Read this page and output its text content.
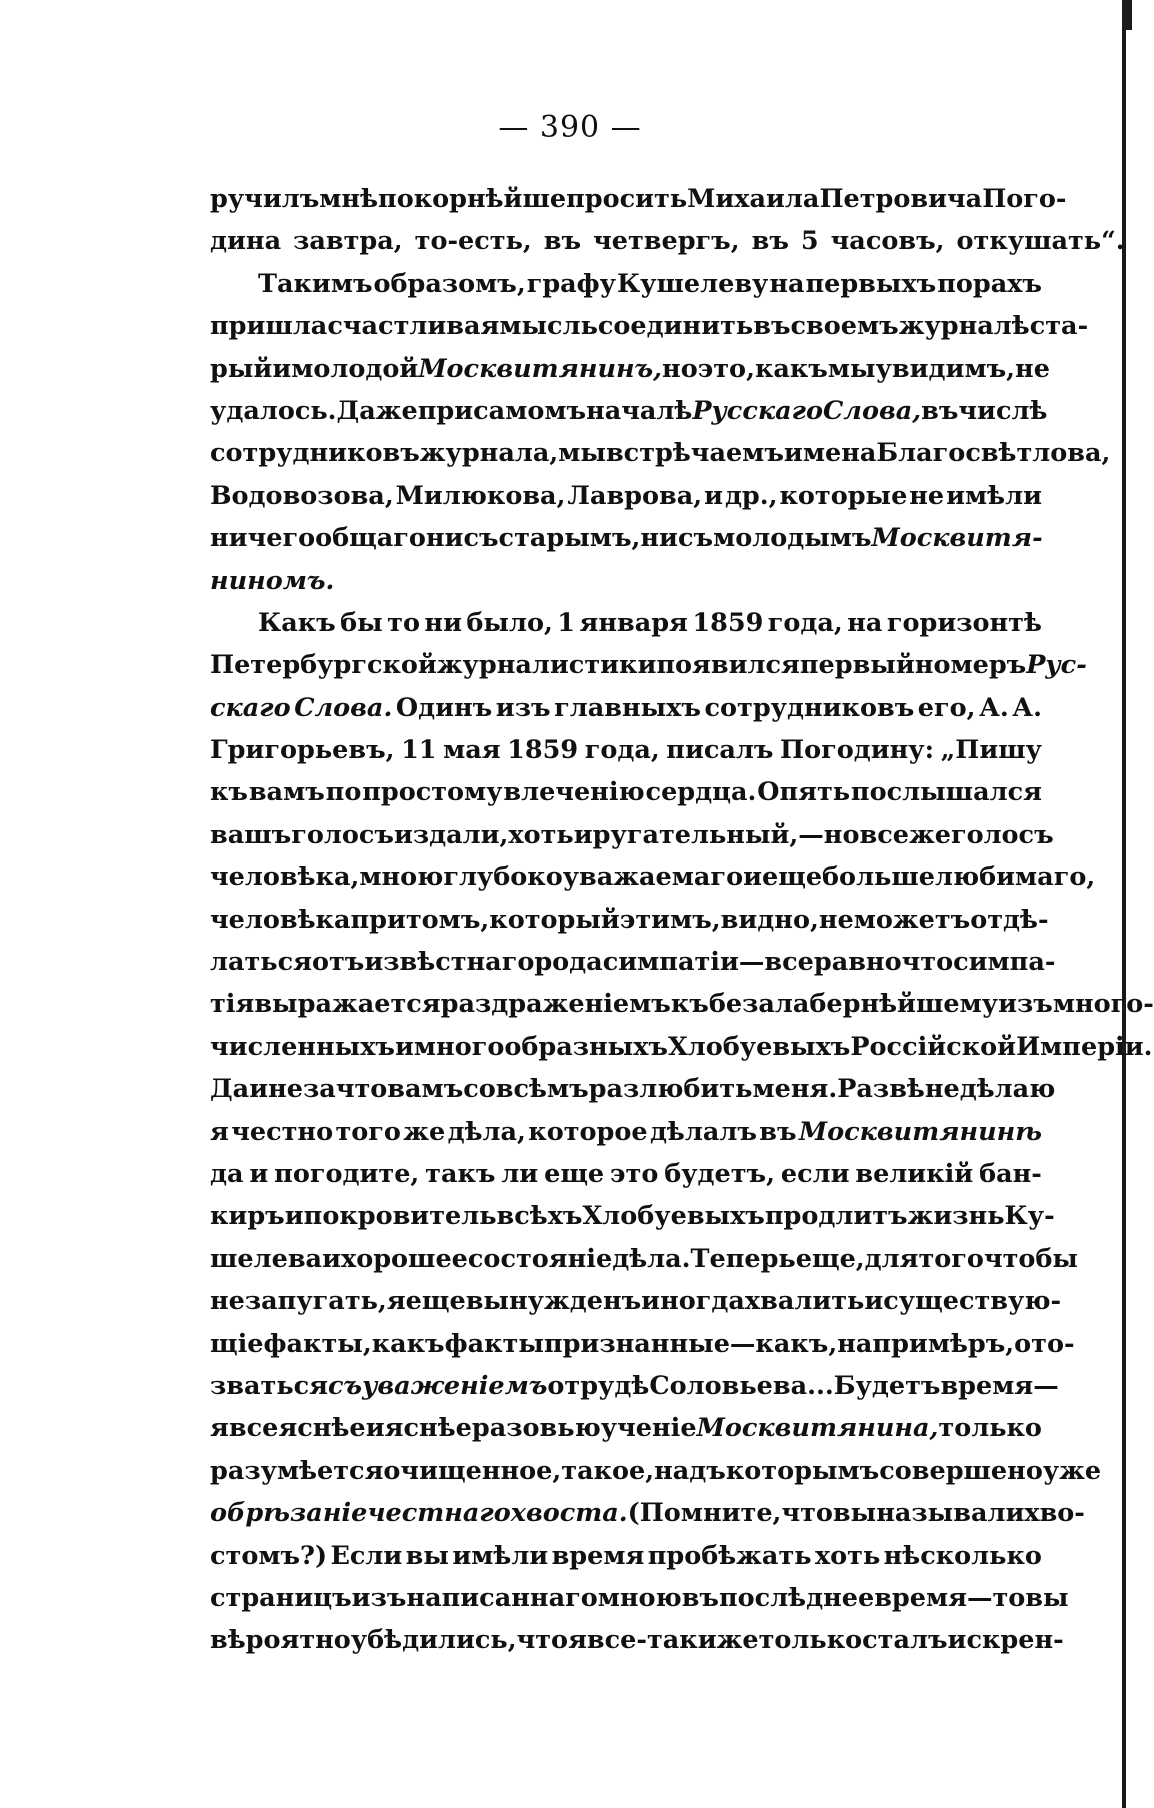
— 390 —
ручилъ мнѣ покорнѣйше просить Михаила Петровича Пого-
дина завтра, то-есть, въ четвергъ, въ 5 часовъ, откушать“.
Такимъ образомъ, графу Кушелеву на первыхъ порахъ
пришла счастливая мысль соединить въ своемъ журналѣ ста-
рый и молодой Москвитянинъ, но это, какъ мы увидимъ, не
удалось. Даже при самомъ началѣ Русскаго Слова, въ числѣ
сотрудниковъ журнала, мы встрѣчаемъ имена Благосвѣтлова,
Водовозова, Милюкова, Лаврова, и др., которые не имѣли
ничего общаго ни съ старымъ, ни съ молодымъ Москвитя-
ниномъ.
Какъ бы то ни было, 1 января 1859 года, на горизонтѣ
Петербургской журналистики появился первый номеръ Рус-
скаго Слова. Одинъ изъ главныхъ сотрудниковъ его, А. А.
Григорьевъ, 11 мая 1859 года, писалъ Погодину: „Пишу
къ вамъ по простому влеченію сердца. Опять послышался
вашъ голосъ издали, хоть и ругательный,—но все же голосъ
человѣка, мною глубоко уважаемаго и еще больше любимаго,
человѣка притомъ, который этимъ, видно, не можетъ отдѣ-
латься отъ извѣстнаго рода симпатіи—все равно что симпа-
тія выражается раздраженіемъ къ безалабернѣйшему изъ много-
численныхъ и многообразныхъ Хлобуевыхъ Россійской Имперіи.
Да и не за что вамъ совсѣмъ разлюбить меня. Развѣ не дѣлаю
я честно того же дѣла, которое дѣлалъ въ Москвитянинѣ
да и погодите, такъ ли еще это будетъ, если великій бан-
киръ и покровитель всѣхъ Хлобуевыхъ продлитъ жизнь Ку-
шелева и хорошее состояніе дѣла. Теперь еще, для того чтобы
не запугать, я еще вынужденъ иногда хвалить и существую-
щіе факты, какъ факты признанные—какъ, напримѣръ, ото-
зваться съ уваженіемъ о трудѣ Соловьева... Будетъ время—
я все яснѣе и яснѣе разовью ученіе Москвитянина, только
разумѣется очищенное, такое, надъ которымъ совершено уже
обрѣзаніе честнаго хвоста. (Помните, что вы называли хво-
стомъ?) Если вы имѣли время пробѣжать хоть нѣсколько
страницъ изъ написаннаго мною въ послѣднее время—то вы
вѣроятно убѣдились, что я все-таки же только сталъ искрен-
